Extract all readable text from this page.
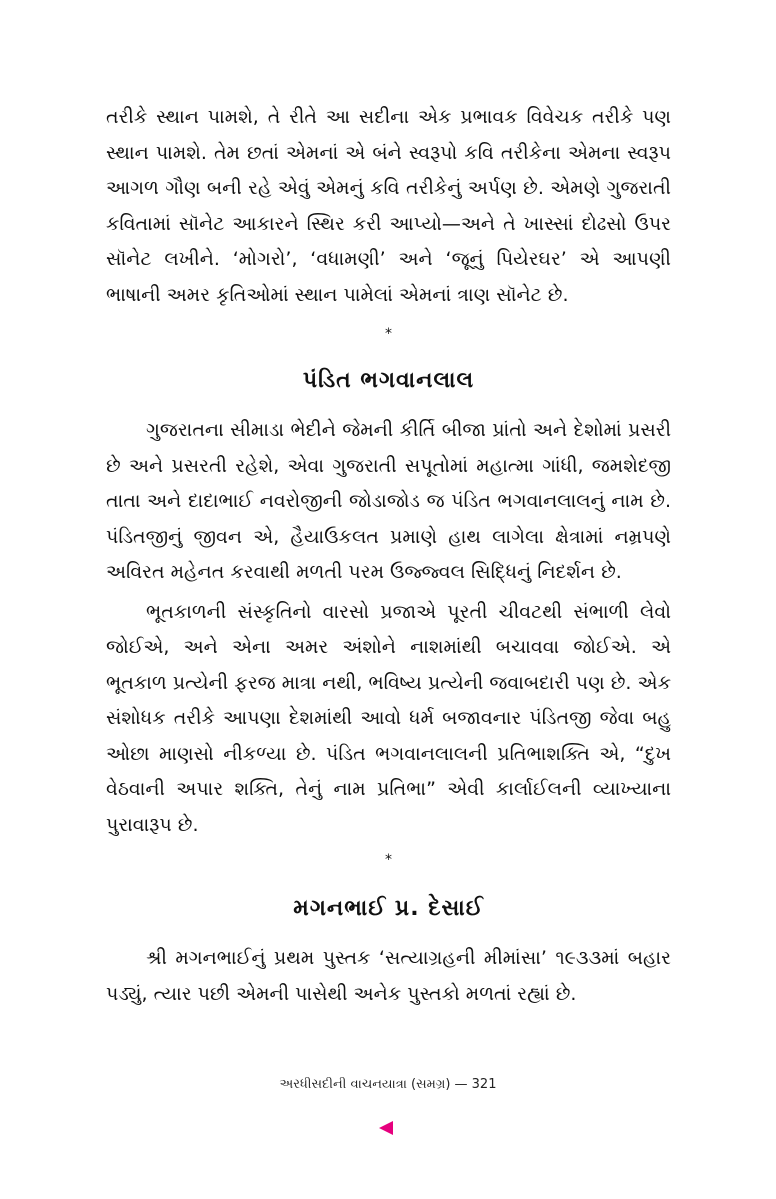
તરીકે સ્થાન પામશે, તે રીતે આ સદીના એક પ્રભાવક વિવેચક તરીકે પણ સ્થાન પામશે. તેમ છતાં એમનાં એ બંને સ્વરૂપો કવિ તરીકેના એમના સ્વરૂપ આગળ ગૌણ બની રહે એવું એમનું કવિ તરીકેનું અર્પણ છે. એમણે ગુજરાતી કવિતામાં સૉનેટ આકારને સ્થિર કરી આપ્યો—અને તે ખાસ્સાં દોઢસો ઉપર સૉનેટ લખીને. ‘મોગરો’, ‘વધામણી’ અને ‘જૂનું પિયેરઘર’ એ આપણી ભાષાની અમર કૃતિઓમાં સ્થાન પામેલાં એમનાં ત્રાણ સૉનેટ છે.

*
પંડિત ભગવાનલાલ

ગુજરાતના સીમાડા ભેદીને જેમની કીર્તિ બીજા પ્રાંતો અને દેશોમાં પ્રસરી છે અને પ્રસરતી રહેશે, એવા ગુજરાતી સપૂતોમાં મહાત્મા ગાંધી, જમશેદજી તાતા અને દાદાભાઈ નવરોજીની જોડાજોડ જ પંડિત ભગવાનલાલનું નામ છે. પંડિતજીનું જીવન એ, હૈયાઉકલત પ્રમાણે હાથ લાગેલા ક્ષેત્રામાં નમ્રપણે અવિરત મહેનત કરવાથી મળતી પરમ ઉજ્જ્વલ સિદ્ધિનું નિદર્શન છે.

ભૂતકાળની સંસ્કૃતિનો વારસો પ્રજાએ પૂરતી ચીવટથી સંભાળી લેવો જોઈએ, અને એના અમર અંશોને નાશમાંથી બચાવવા જોઈએ. એ ભૂતકાળ પ્રત્યેની ફરજ માત્રા નથી, ભવિષ્ય પ્રત્યેની જવાબદારી પણ છે. એક સંશોધક તરીકે આપણા દેશમાંથી આવો ધર્મ બજાવનાર પંડિતજી જેવા બહુ ઓછા માણસો નીકળ્યા છે. પંડિત ભગવાનલાલની પ્રતિભાશક્તિ એ, “દુખ વેઠવાની અપાર શક્તિ, તેનું નામ પ્રતિભા” એવી કાર્લાઈલની વ્યાખ્યાના પુરાવારૂપ છે.

*
મગનભાઈ પ્ર. દેસાઈ

શ્રી મગનભાઈનું પ્રથમ પુસ્તક ‘સત્યાગ્રહની મીમાંસા’ ૧૯૩૩માં બહાર પડ્યું, ત્યાર પછી એમની પાસેથી અનેક પુસ્તકો મળતાં રહ્યાં છે.

અરધીસદીની વાચનયાત્રા (સમગ્ર) — 321
